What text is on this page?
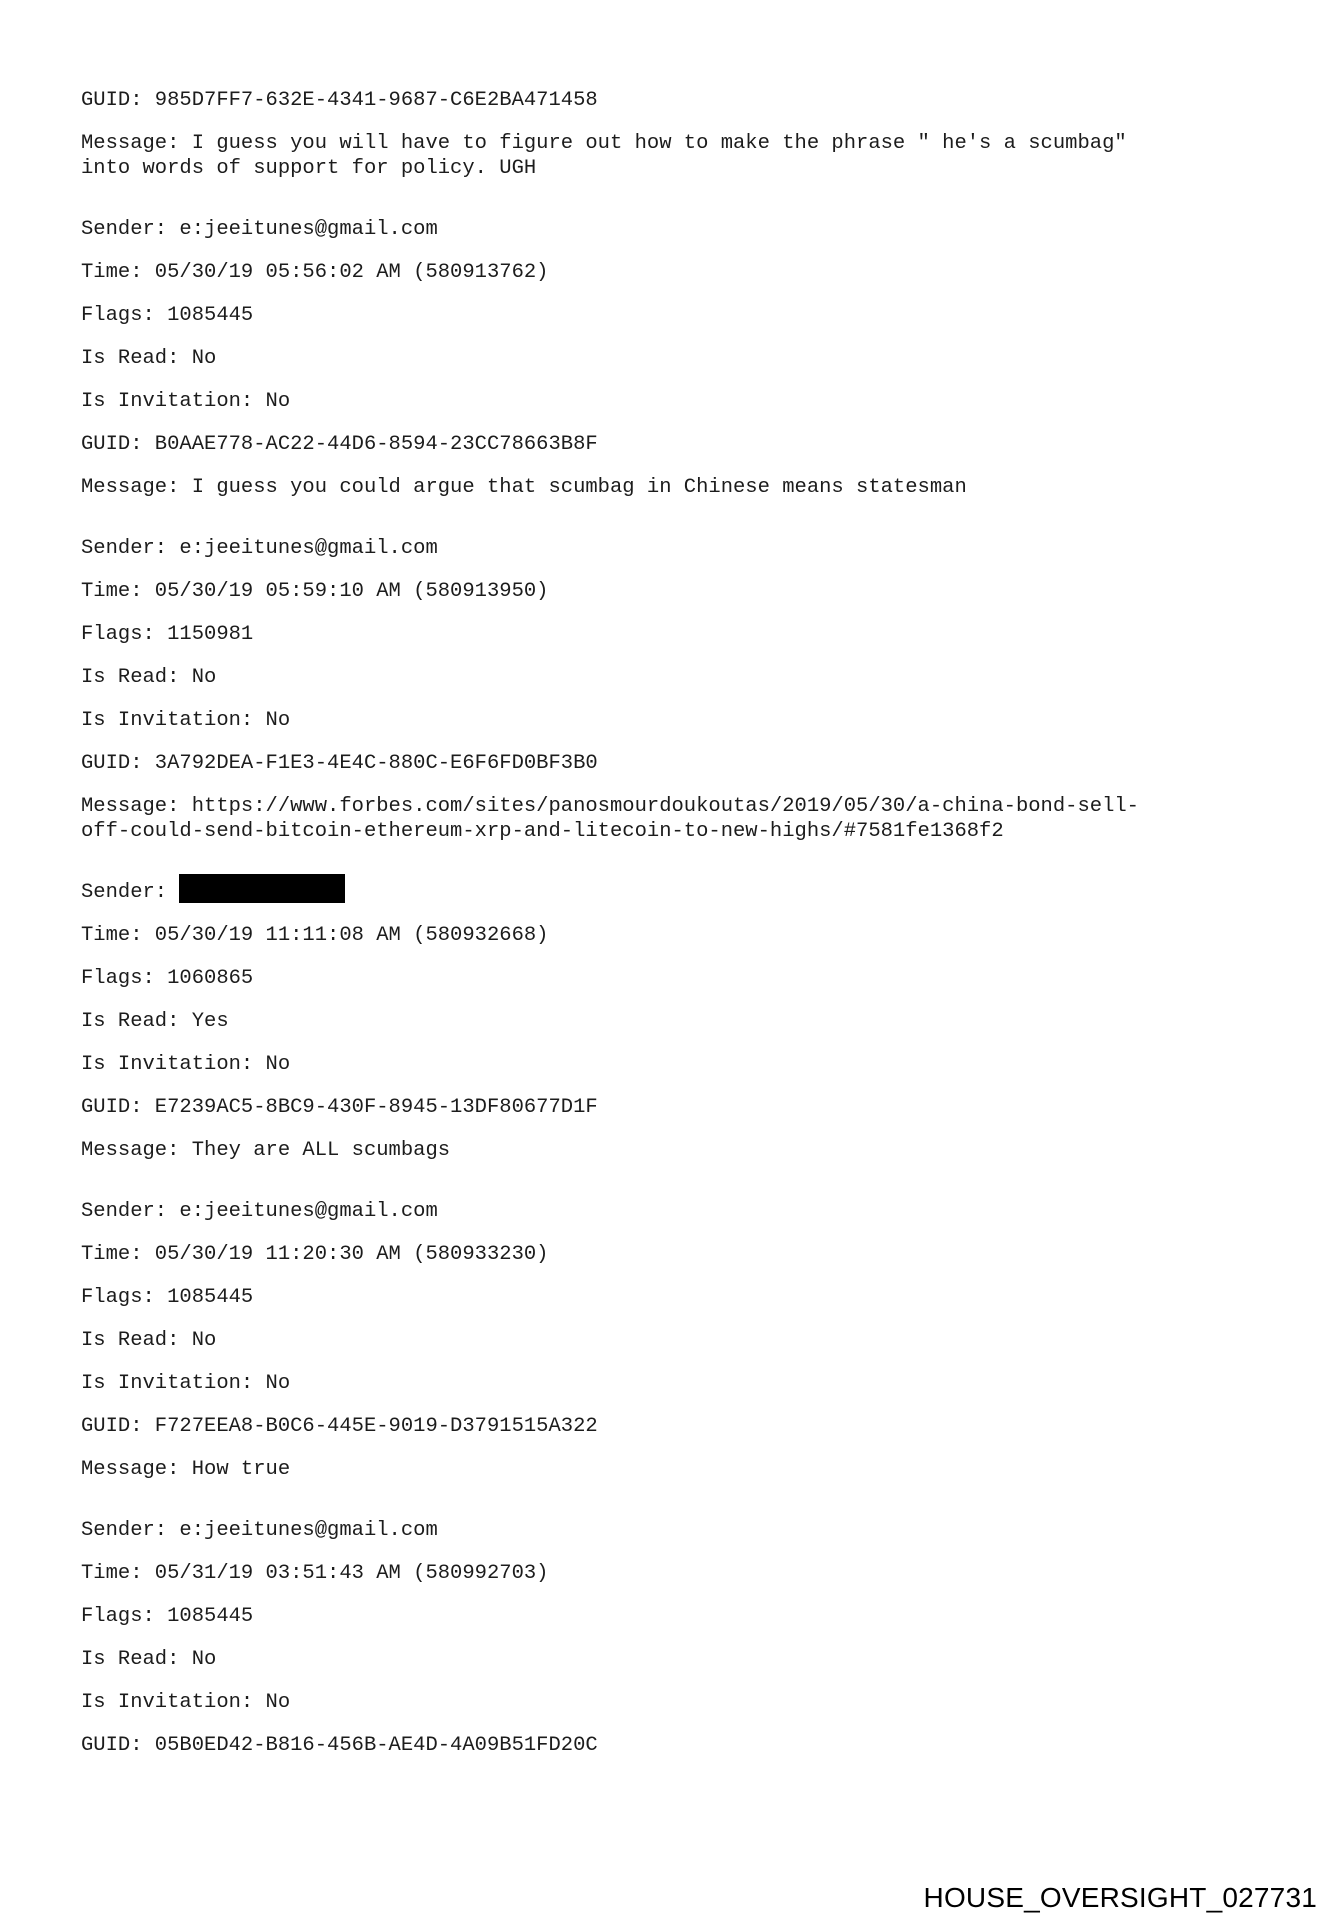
GUID: 985D7FF7-632E-4341-9687-C6E2BA471458
Message: I guess you will have to figure out how to make the phrase " he's a scumbag"
into words of support for policy. UGH
Sender: e:jeeitunes@gmail.com
Time: 05/30/19 05:56:02 AM (580913762)
Flags: 1085445
Is Read: No
Is Invitation: No
GUID: B0AAE778-AC22-44D6-8594-23CC78663B8F
Message: I guess you could argue that scumbag in Chinese means statesman
Sender: e:jeeitunes@gmail.com
Time: 05/30/19 05:59:10 AM (580913950)
Flags: 1150981
Is Read: No
Is Invitation: No
GUID: 3A792DEA-F1E3-4E4C-880C-E6F6FD0BF3B0
Message: https://www.forbes.com/sites/panosmourdoukoutas/2019/05/30/a-china-bond-sell-
off-could-send-bitcoin-ethereum-xrp-and-litecoin-to-new-highs/#7581fe1368f2
Sender:
Time: 05/30/19 11:11:08 AM (580932668)
Flags: 1060865
Is Read: Yes
Is Invitation: No
GUID: E7239AC5-8BC9-430F-8945-13DF80677D1F
Message: They are ALL scumbags
Sender: e:jeeitunes@gmail.com
Time: 05/30/19 11:20:30 AM (580933230)
Flags: 1085445
Is Read: No
Is Invitation: No
GUID: F727EEA8-B0C6-445E-9019-D3791515A322
Message: How true
Sender: e:jeeitunes@gmail.com
Time: 05/31/19 03:51:43 AM (580992703)
Flags: 1085445
Is Read: No
Is Invitation: No
GUID: 05B0ED42-B816-456B-AE4D-4A09B51FD20C
HOUSE_OVERSIGHT_027731
